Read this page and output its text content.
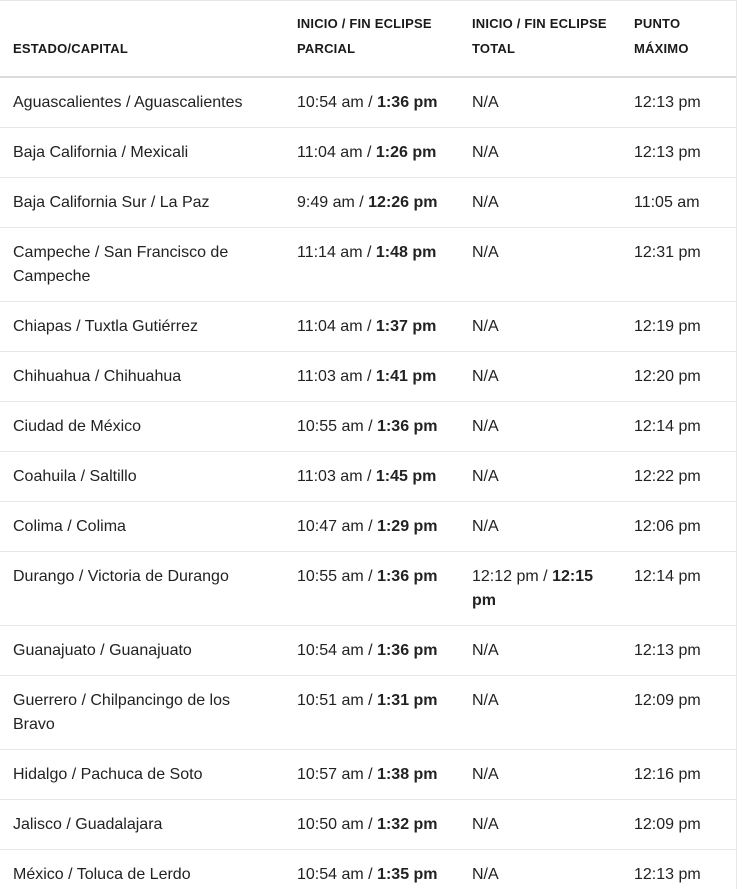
ESTADO/CAPITAL	INICIO / FIN ECLIPSE PARCIAL	INICIO / FIN ECLIPSE TOTAL	PUNTO MÁXIMO
Aguascalientes / Aguascalientes	10:54 am / 1:36 pm	N/A	12:13 pm
Baja California / Mexicali	11:04 am / 1:26 pm	N/A	12:13 pm
Baja California Sur / La Paz	9:49 am / 12:26 pm	N/A	11:05 am
Campeche / San Francisco de Campeche	11:14 am / 1:48 pm	N/A	12:31 pm
Chiapas / Tuxtla Gutiérrez	11:04 am / 1:37 pm	N/A	12:19 pm
Chihuahua / Chihuahua	11:03 am / 1:41 pm	N/A	12:20 pm
Ciudad de México	10:55 am / 1:36 pm	N/A	12:14 pm
Coahuila / Saltillo	11:03 am / 1:45 pm	N/A	12:22 pm
Colima / Colima	10:47 am / 1:29 pm	N/A	12:06 pm
Durango / Victoria de Durango	10:55 am / 1:36 pm	12:12 pm / 12:15 pm	12:14 pm
Guanajuato / Guanajuato	10:54 am / 1:36 pm	N/A	12:13 pm
Guerrero / Chilpancingo de los Bravo	10:51 am / 1:31 pm	N/A	12:09 pm
Hidalgo / Pachuca de Soto	10:57 am / 1:38 pm	N/A	12:16 pm
Jalisco / Guadalajara	10:50 am / 1:32 pm	N/A	12:09 pm
México / Toluca de Lerdo	10:54 am / 1:35 pm	N/A	12:13 pm
